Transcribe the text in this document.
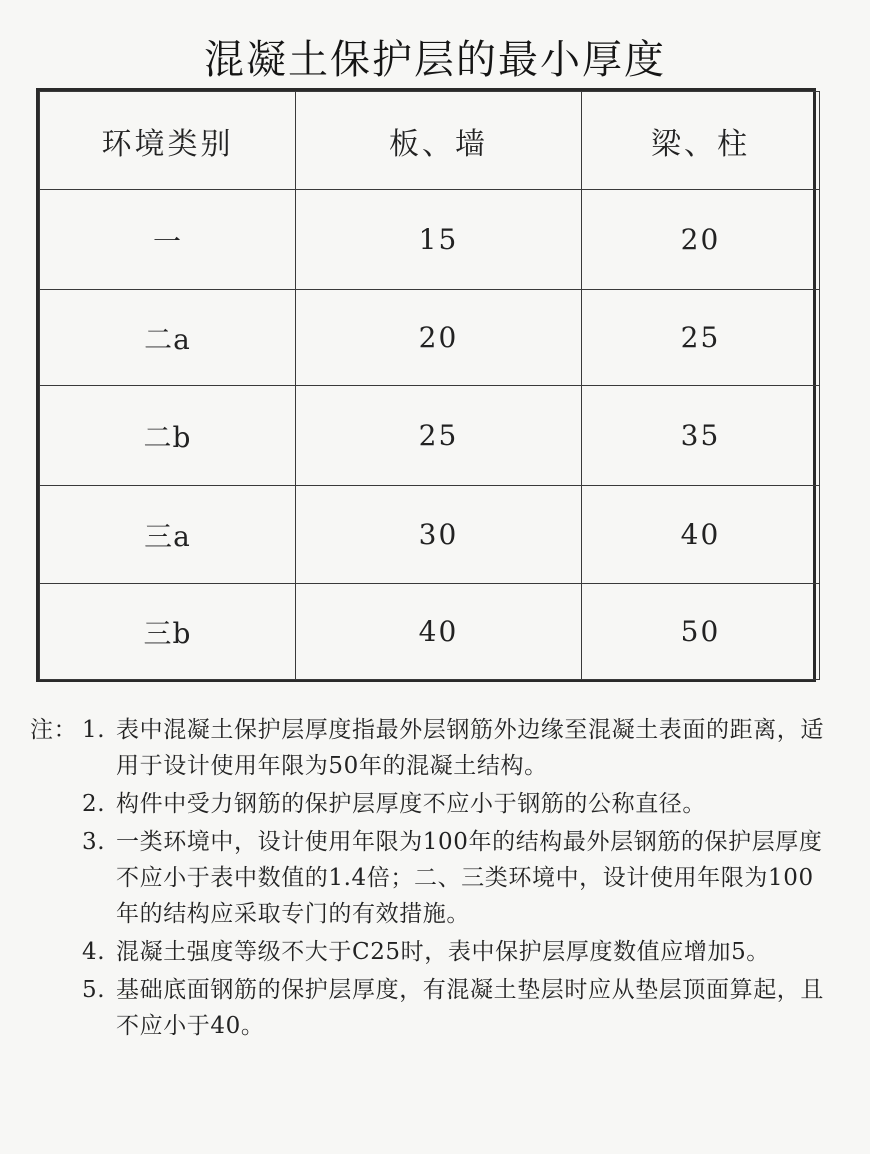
混凝土保护层的最小厚度
环境类别	板、墙	梁、柱
一	15	20
二a	20	25
二b	25	35
三a	30	40
三b	40	50
注： 1. 表中混凝土保护层厚度指最外层钢筋外边缘至混凝土表面的距离，适用于设计使用年限为50年的混凝土结构。
2. 构件中受力钢筋的保护层厚度不应小于钢筋的公称直径。
3. 一类环境中，设计使用年限为100年的结构最外层钢筋的保护层厚度不应小于表中数值的1.4倍；二、三类环境中，设计使用年限为100年的结构应采取专门的有效措施。
4. 混凝土强度等级不大于C25时，表中保护层厚度数值应增加5。
5. 基础底面钢筋的保护层厚度，有混凝土垫层时应从垫层顶面算起，且不应小于40。
